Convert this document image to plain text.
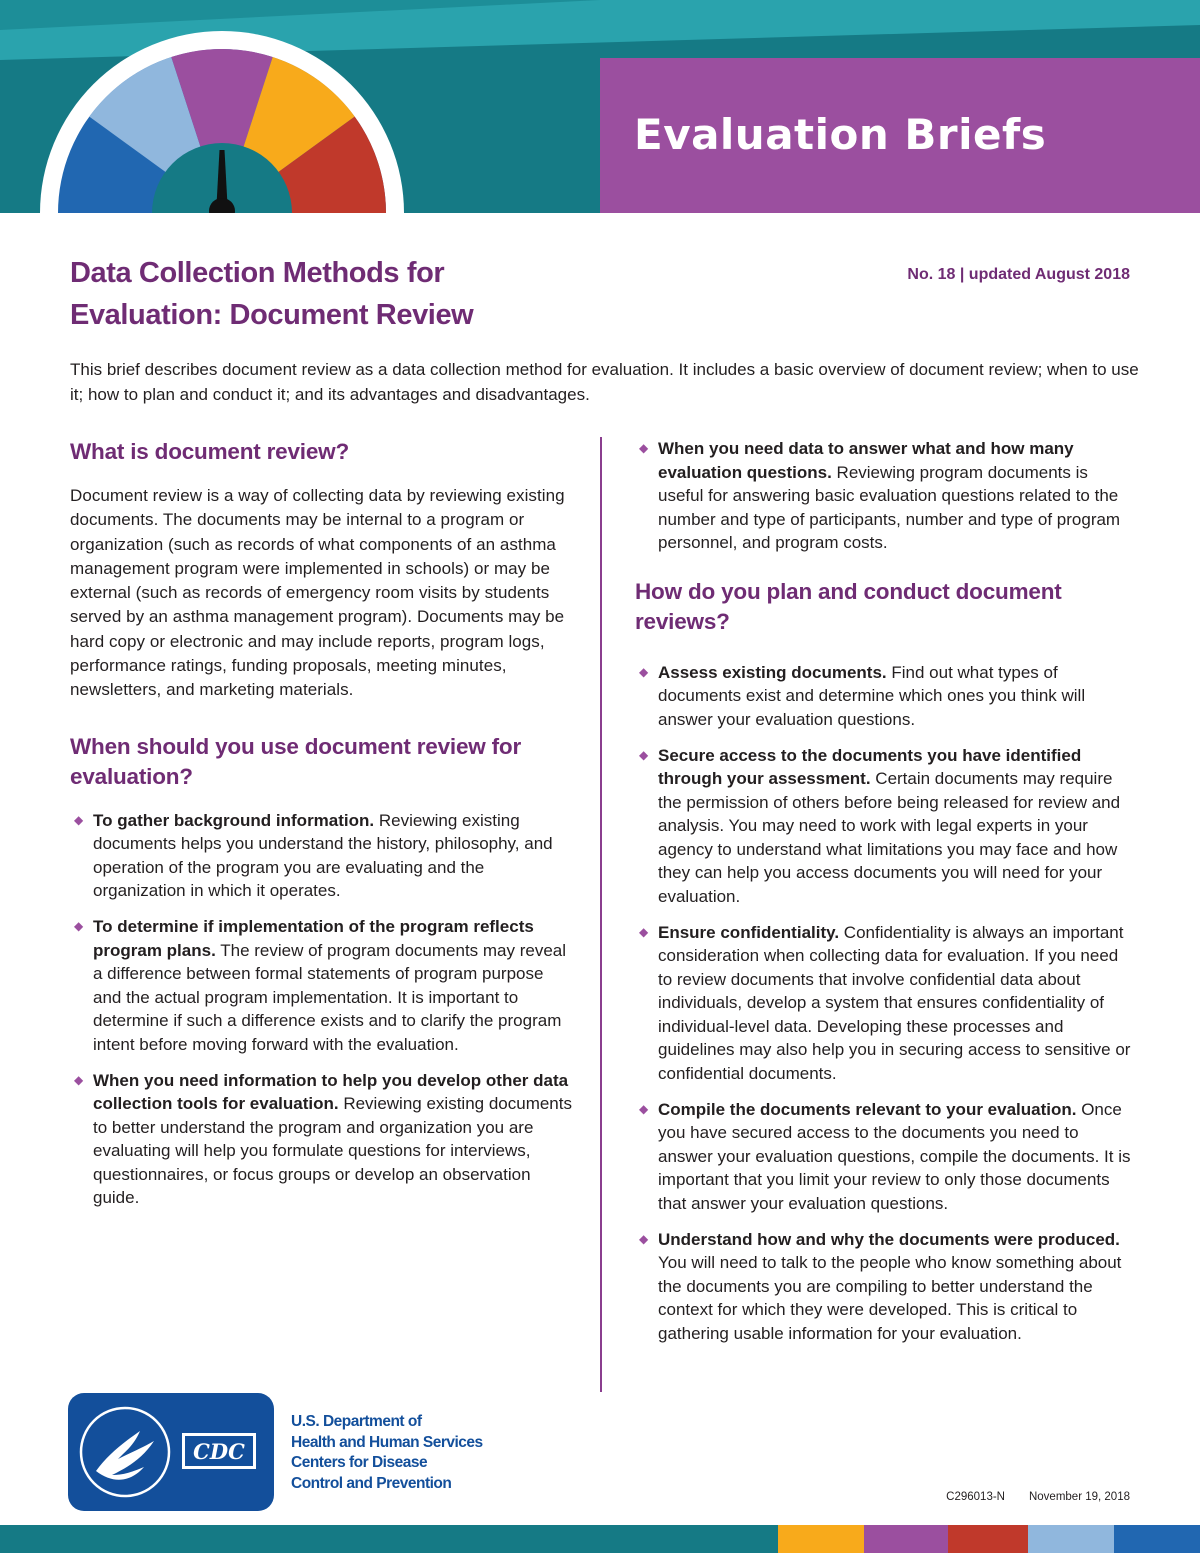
Evaluation Briefs
Data Collection Methods for
Evaluation: Document Review
No. 18 | updated August 2018

This brief describes document review as a data collection method for evaluation. It includes a basic overview of document review; when to use it; how to plan and conduct it; and its advantages and disadvantages.

What is document review?

Document review is a way of collecting data by reviewing existing documents. The documents may be internal to a program or organization (such as records of what components of an asthma management program were implemented in schools) or may be external (such as records of emergency room visits by students served by an asthma management program). Documents may be hard copy or electronic and may include reports, program logs, performance ratings, funding proposals, meeting minutes, newsletters, and marketing materials.

When should you use document review for evaluation?
◆ To gather background information. Reviewing existing documents helps you understand the history, philosophy, and operation of the program you are evaluating and the organization in which it operates.
◆ To determine if implementation of the program reflects program plans. The review of program documents may reveal a difference between formal statements of program purpose and the actual program implementation. It is important to determine if such a difference exists and to clarify the program intent before moving forward with the evaluation.
◆ When you need information to help you develop other data collection tools for evaluation. Reviewing existing documents to better understand the program and organization you are evaluating will help you formulate questions for interviews, questionnaires, or focus groups or develop an observation guide.
◆ When you need data to answer what and how many evaluation questions. Reviewing program documents is useful for answering basic evaluation questions related to the number and type of participants, number and type of program personnel, and program costs.
How do you plan and conduct document reviews?
◆ Assess existing documents. Find out what types of documents exist and determine which ones you think will answer your evaluation questions.
◆ Secure access to the documents you have identified through your assessment. Certain documents may require the permission of others before being released for review and analysis. You may need to work with legal experts in your agency to understand what limitations you may face and how they can help you access documents you will need for your evaluation.
◆ Ensure confidentiality. Confidentiality is always an important consideration when collecting data for evaluation. If you need to review documents that involve confidential data about individuals, develop a system that ensures confidentiality of individual-level data. Developing these processes and guidelines may also help you in securing access to sensitive or confidential documents.
◆ Compile the documents relevant to your evaluation. Once you have secured access to the documents you need to answer your evaluation questions, compile the documents. It is important that you limit your review to only those documents that answer your evaluation questions.
◆ Understand how and why the documents were produced. You will need to talk to the people who know something about the documents you are compiling to better understand the context for which they were developed. This is critical to gathering usable information for your evaluation.
CDC
U.S. Department of
Health and Human Services
Centers for Disease
Control and Prevention
C296013-N November 19, 2018
